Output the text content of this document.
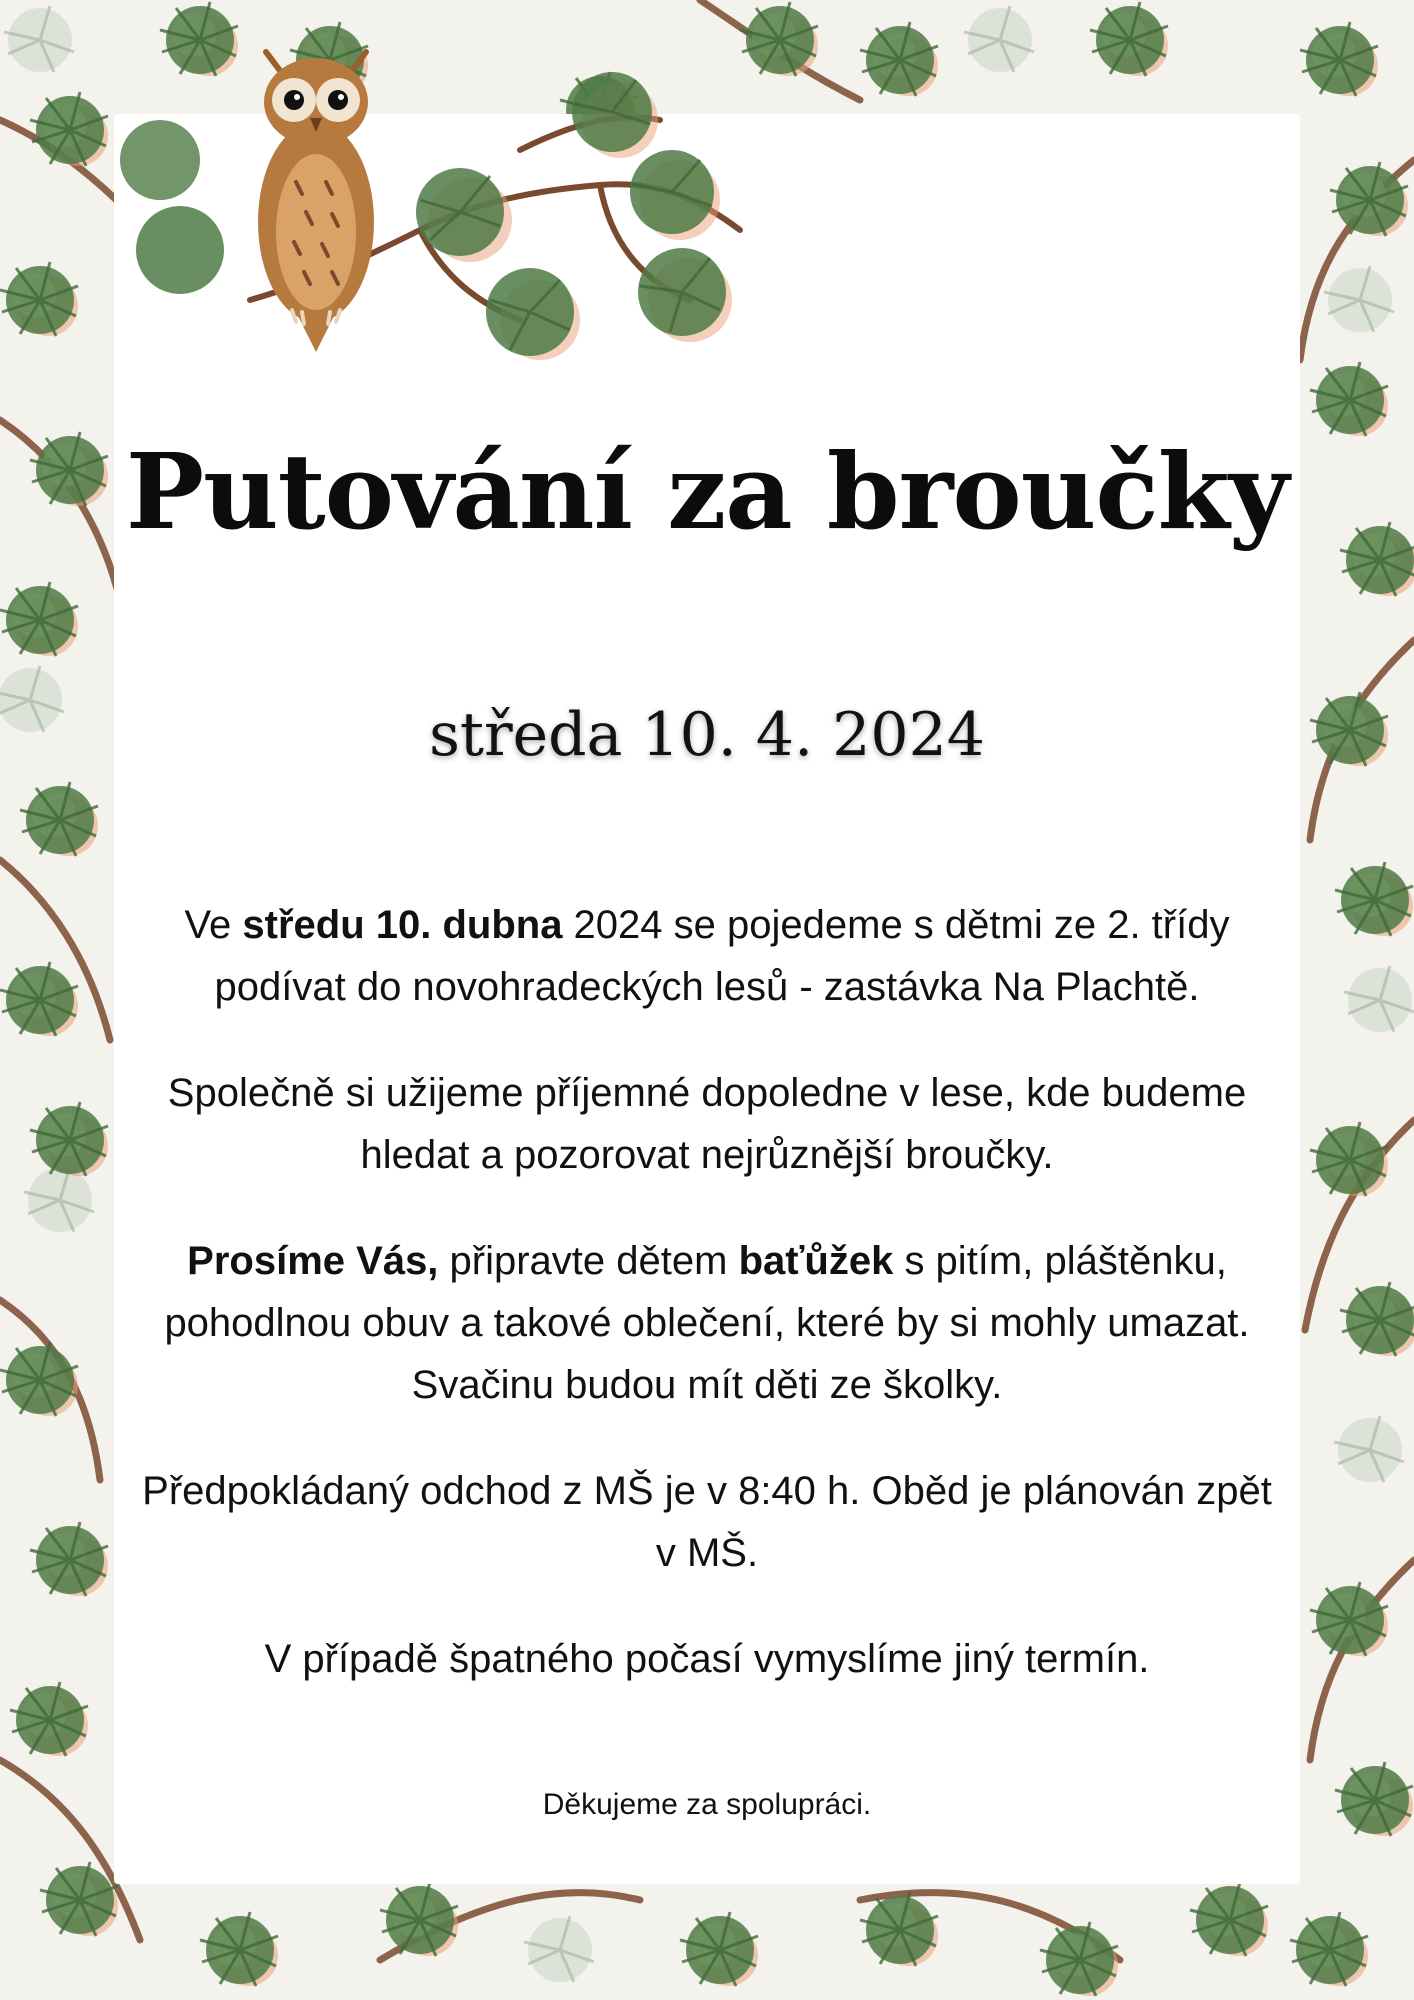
Putování za broučky
středa 10. 4. 2024

Ve středu 10. dubna 2024 se pojedeme s dětmi ze 2. třídy podívat do novohradeckých lesů - zastávka Na Plachtě.

Společně si užijeme příjemné dopoledne v lese, kde budeme hledat a pozorovat nejrůznější broučky.

Prosíme Vás, připravte dětem baťůžek s pitím, pláštěnku, pohodlnou obuv a takové oblečení, které by si mohly umazat. Svačinu budou mít děti ze školky.

Předpokládaný odchod z MŠ je v 8:40 h. Oběd je plánován zpět v MŠ.

V případě špatného počasí vymyslíme jiný termín.

Děkujeme za spolupráci.
